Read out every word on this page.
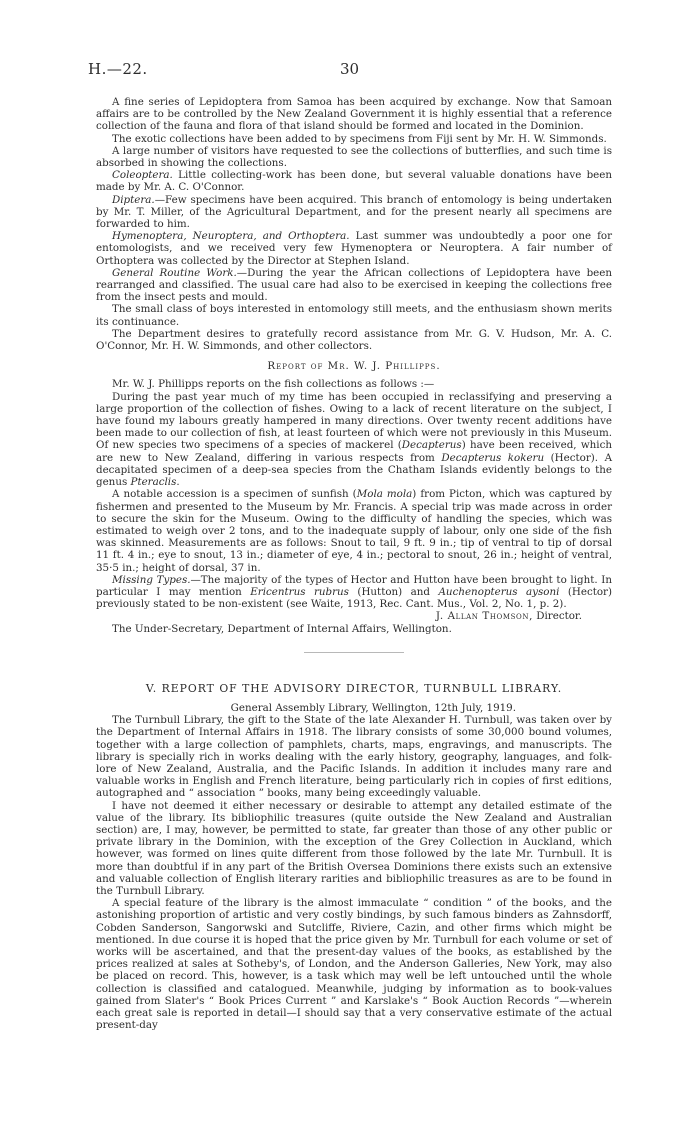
H.—22.	30

A fine series of Lepidoptera from Samoa has been acquired by exchange. Now that Samoan affairs are to be controlled by the New Zealand Government it is highly essential that a reference collection of the fauna and flora of that island should be formed and located in the Dominion.

The exotic collections have been added to by specimens from Fiji sent by Mr. H. W. Simmonds.

A large number of visitors have requested to see the collections of butterflies, and such time is absorbed in showing the collections.

Coleoptera. Little collecting-work has been done, but several valuable donations have been made by Mr. A. C. O'Connor.

Diptera.—Few specimens have been acquired. This branch of entomology is being undertaken by Mr. T. Miller, of the Agricultural Department, and for the present nearly all specimens are forwarded to him.

Hymenoptera, Neuroptera, and Orthoptera. Last summer was undoubtedly a poor one for entomologists, and we received very few Hymenoptera or Neuroptera. A fair number of Orthoptera was collected by the Director at Stephen Island.

General Routine Work.—During the year the African collections of Lepidoptera have been rearranged and classified. The usual care had also to be exercised in keeping the collections free from the insect pests and mould.

The small class of boys interested in entomology still meets, and the enthusiasm shown merits its continuance.

The Department desires to gratefully record assistance from Mr. G. V. Hudson, Mr. A. C. O'Connor, Mr. H. W. Simmonds, and other collectors.

Report of Mr. W. J. Phillipps.

Mr. W. J. Phillipps reports on the fish collections as follows :—

During the past year much of my time has been occupied in reclassifying and preserving a large proportion of the collection of fishes. Owing to a lack of recent literature on the subject, I have found my labours greatly hampered in many directions. Over twenty recent additions have been made to our collection of fish, at least fourteen of which were not previously in this Museum. Of new species two specimens of a species of mackerel (Decapterus) have been received, which are new to New Zealand, differing in various respects from Decapterus kokeru (Hector). A decapitated specimen of a deep-sea species from the Chatham Islands evidently belongs to the genus Pteraclis.

A notable accession is a specimen of sunfish (Mola mola) from Picton, which was captured by fishermen and presented to the Museum by Mr. Francis. A special trip was made across in order to secure the skin for the Museum. Owing to the difficulty of handling the species, which was estimated to weigh over 2 tons, and to the inadequate supply of labour, only one side of the fish was skinned. Measurements are as follows: Snout to tail, 9 ft. 9 in.; tip of ventral to tip of dorsal 11 ft. 4 in.; eye to snout, 13 in.; diameter of eye, 4 in.; pectoral to snout, 26 in.; height of ventral, 35·5 in.; height of dorsal, 37 in.

Missing Types.—The majority of the types of Hector and Hutton have been brought to light. In particular I may mention Ericentrus rubrus (Hutton) and Auchenopterus aysoni (Hector) previously stated to be non-existent (see Waite, 1913, Rec. Cant. Mus., Vol. 2, No. 1, p. 2).

J. Allan Thomson, Director.

The Under-Secretary, Department of Internal Affairs, Wellington.

V. REPORT OF THE ADVISORY DIRECTOR, TURNBULL LIBRARY.

General Assembly Library, Wellington, 12th July, 1919.

The Turnbull Library, the gift to the State of the late Alexander H. Turnbull, was taken over by the Department of Internal Affairs in 1918. The library consists of some 30,000 bound volumes, together with a large collection of pamphlets, charts, maps, engravings, and manuscripts. The library is specially rich in works dealing with the early history, geography, languages, and folk-lore of New Zealand, Australia, and the Pacific Islands. In addition it includes many rare and valuable works in English and French literature, being particularly rich in copies of first editions, autographed and “ association ” books, many being exceedingly valuable.

I have not deemed it either necessary or desirable to attempt any detailed estimate of the value of the library. Its bibliophilic treasures (quite outside the New Zealand and Australian section) are, I may, however, be permitted to state, far greater than those of any other public or private library in the Dominion, with the exception of the Grey Collection in Auckland, which however, was formed on lines quite different from those followed by the late Mr. Turnbull. It is more than doubtful if in any part of the British Oversea Dominions there exists such an extensive and valuable collection of English literary rarities and bibliophilic treasures as are to be found in the Turnbull Library.

A special feature of the library is the almost immaculate “ condition ” of the books, and the astonishing proportion of artistic and very costly bindings, by such famous binders as Zahnsdorff, Cobden Sanderson, Sangorwski and Sutcliffe, Riviere, Cazin, and other firms which might be mentioned. In due course it is hoped that the price given by Mr. Turnbull for each volume or set of works will be ascertained, and that the present-day values of the books, as established by the prices realized at sales at Sotheby's, of London, and the Anderson Galleries, New York, may also be placed on record. This, however, is a task which may well be left untouched until the whole collection is classified and catalogued. Meanwhile, judging by information as to book-values gained from Slater's “ Book Prices Current ” and Karslake's “ Book Auction Records ”—wherein each great sale is reported in detail—I should say that a very conservative estimate of the actual present-day
